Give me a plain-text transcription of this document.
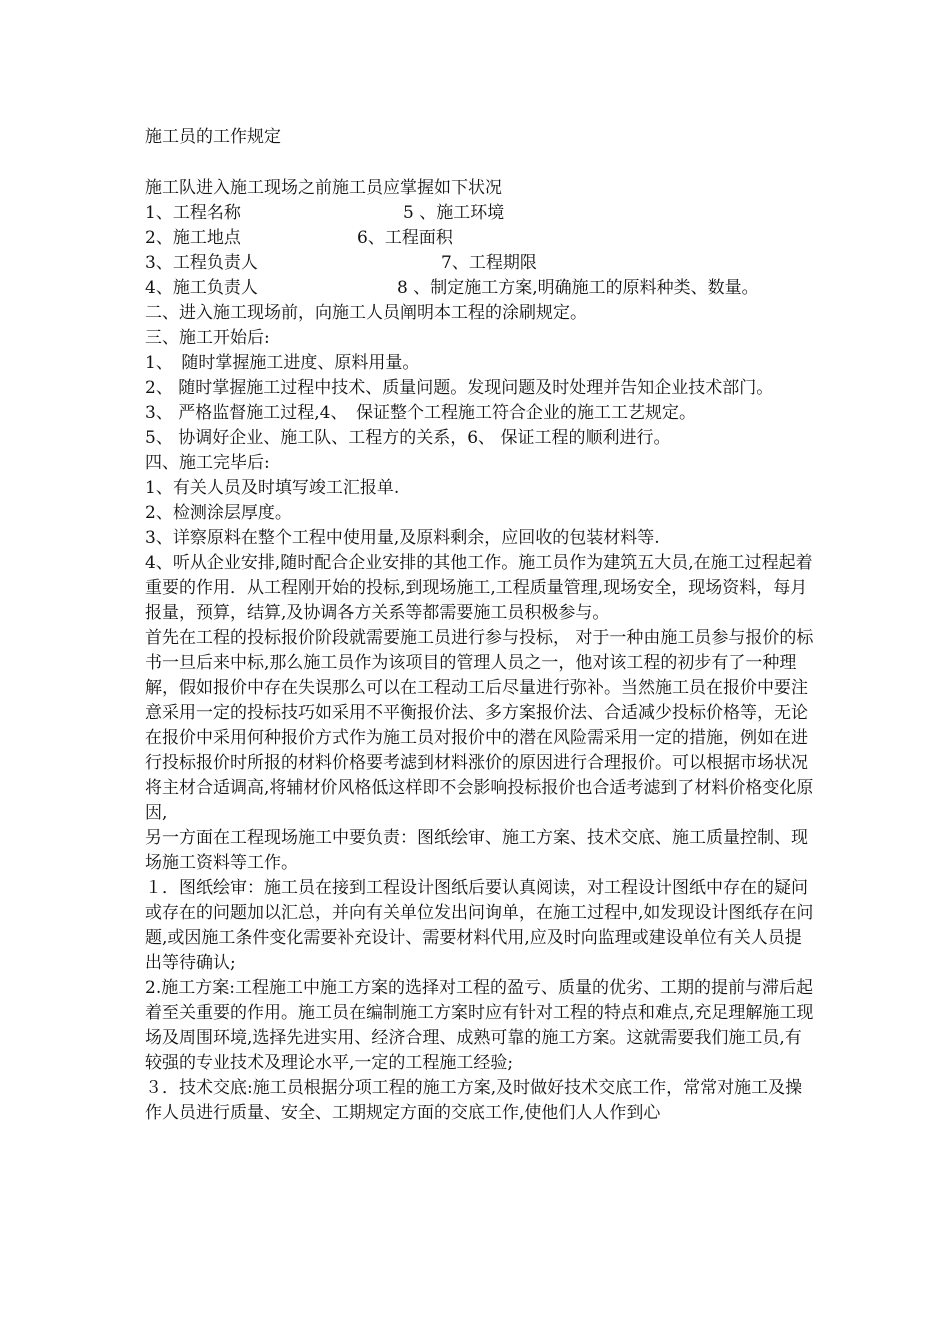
施工员的工作规定

施工队进入施工现场之前施工员应掌握如下状况

1、工程名称	5 、施工环境
2、施工地点	6、工程面积
3、工程负责人	7、工程期限
4、施工负责人	8 、制定施工方案,明确施工的原料种类、数量。

二、进入施工现场前，向施工人员阐明本工程的涂刷规定。

三、施工开始后:

1、　随时掌握施工进度、原料用量。

2、 随时掌握施工过程中技术、质量问题。发现问题及时处理并告知企业技术部门。

3、 严格监督施工过程,4、　保证整个工程施工符合企业的施工工艺规定。

5、 协调好企业、施工队、工程方的关系，6、 保证工程的顺利进行。

四、施工完毕后:

1、有关人员及时填写竣工汇报单.

2、检测涂层厚度。

3、详察原料在整个工程中使用量,及原料剩余，应回收的包装材料等.

4、听从企业安排,随时配合企业安排的其他工作。施工员作为建筑五大员,在施工过程起着重要的作用．从工程刚开始的投标,到现场施工,工程质量管理,现场安全，现场资料，每月报量，预算，结算,及协调各方关系等都需要施工员积极参与。

首先在工程的投标报价阶段就需要施工员进行参与投标， 对于一种由施工员参与报价的标书一旦后来中标,那么施工员作为该项目的管理人员之一，他对该工程的初步有了一种理解，假如报价中存在失误那么可以在工程动工后尽量进行弥补。当然施工员在报价中要注意采用一定的投标技巧如采用不平衡报价法、多方案报价法、合适减少投标价格等，无论在报价中采用何种报价方式作为施工员对报价中的潜在风险需采用一定的措施，例如在进行投标报价时所报的材料价格要考滤到材料涨价的原因进行合理报价。可以根据市场状况将主材合适调高,将辅材价风格低这样即不会影响投标报价也合适考滤到了材料价格变化原因,

另一方面在工程现场施工中要负责：图纸绘审、施工方案、技术交底、施工质量控制、现场施工资料等工作。

１．图纸绘审：施工员在接到工程设计图纸后要认真阅读，对工程设计图纸中存在的疑问或存在的问题加以汇总，并向有关单位发出问询单，在施工过程中,如发现设计图纸存在问题,或因施工条件变化需要补充设计、需要材料代用,应及时向监理或建设单位有关人员提出等待确认;

2.施工方案:工程施工中施工方案的选择对工程的盈亏、质量的优劣、工期的提前与滞后起着至关重要的作用。施工员在编制施工方案时应有针对工程的特点和难点,充足理解施工现场及周围环境,选择先进实用、经济合理、成熟可靠的施工方案。这就需要我们施工员,有较强的专业技术及理论水平,一定的工程施工经验;

３．技术交底:施工员根据分项工程的施工方案,及时做好技术交底工作，常常对施工及操作人员进行质量、安全、工期规定方面的交底工作,使他们人人作到心
